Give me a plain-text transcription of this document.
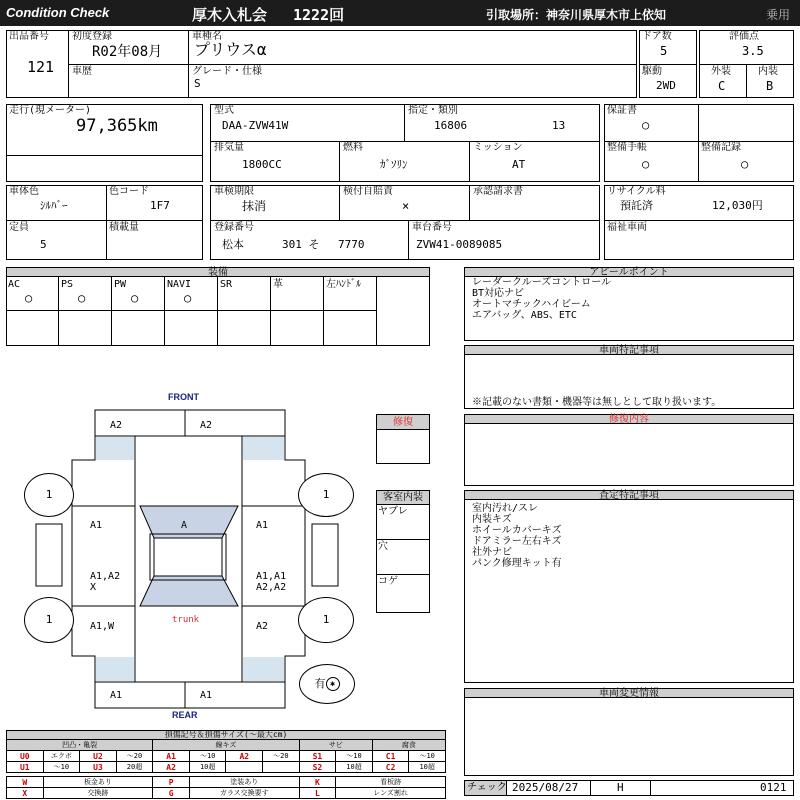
Condition Check	厚木入札会 1222回	引取場所：神奈川県厚木市上依知	乗用
出品番号
121
初度登録
R02年08月
車歴
車種名
プリウスα
グレード・仕様
S
ドア数
5
駆動
2WD
評価点
3.5
外装
C
内装
B
走行(現メーター)
97,365km
型式
DAA-ZVW41W
指定・類別
16806	13
排気量
1800CC
燃料
ｶﾞｿﾘﾝ
ミッション
AT
保証書
○
整備手帳
○
整備記録
○
車体色
ｼﾙﾊﾞｰ
色コード
1F7
定員
5
積載量
車検期限
抹消
検付自賠責
×
承認請求書
登録番号
松本	301 そ 7770
車台番号
ZVW41-0089085
リサイクル料
預託済	12,030円
福祉車両
装備
AC	PS	PW	NAVI	SR	革	左ﾊﾝﾄﾞﾙ
○	○	○	○
アピールポイント
レーダークルーズコントロール
BT対応ナビ
オートマチックハイビーム
エアバッグ、ABS、ETC
車両特記事項
※記載のない書類・機器等は無しとして取り扱います。
修復内容
査定特記事項
室内汚れ/スレ
内装キズ
ホイールカバーキズ
ドアミラー左右キズ
社外ナビ
パンク修理キット有
車両変更情報
チェック 2025/08/27	H	0121
FRONT
REAR
1	1
1	1
有 ✱
A2	A2
A1	A	A1
A1,A2
X
A1,A1
A2,A2
A1,W
trunk
A2
A1	A1
修復
客室内装
ヤブレ
穴
コゲ
損傷記号＆損傷サイズ(～最大cm)
凹凸・亀裂				線キズ				サビ		腐食	
U0	エクボ	U2	～20	A1	～10	A2	～20	S1	～10	C1	～10
U1	～10	U3	20超	A2	10超			S2	10超	C2	10超

W	板金あり			P	塗装あり			K	看板跡		
X	交換跡			G	ガラス交換要す			L	レンズ割れ		
